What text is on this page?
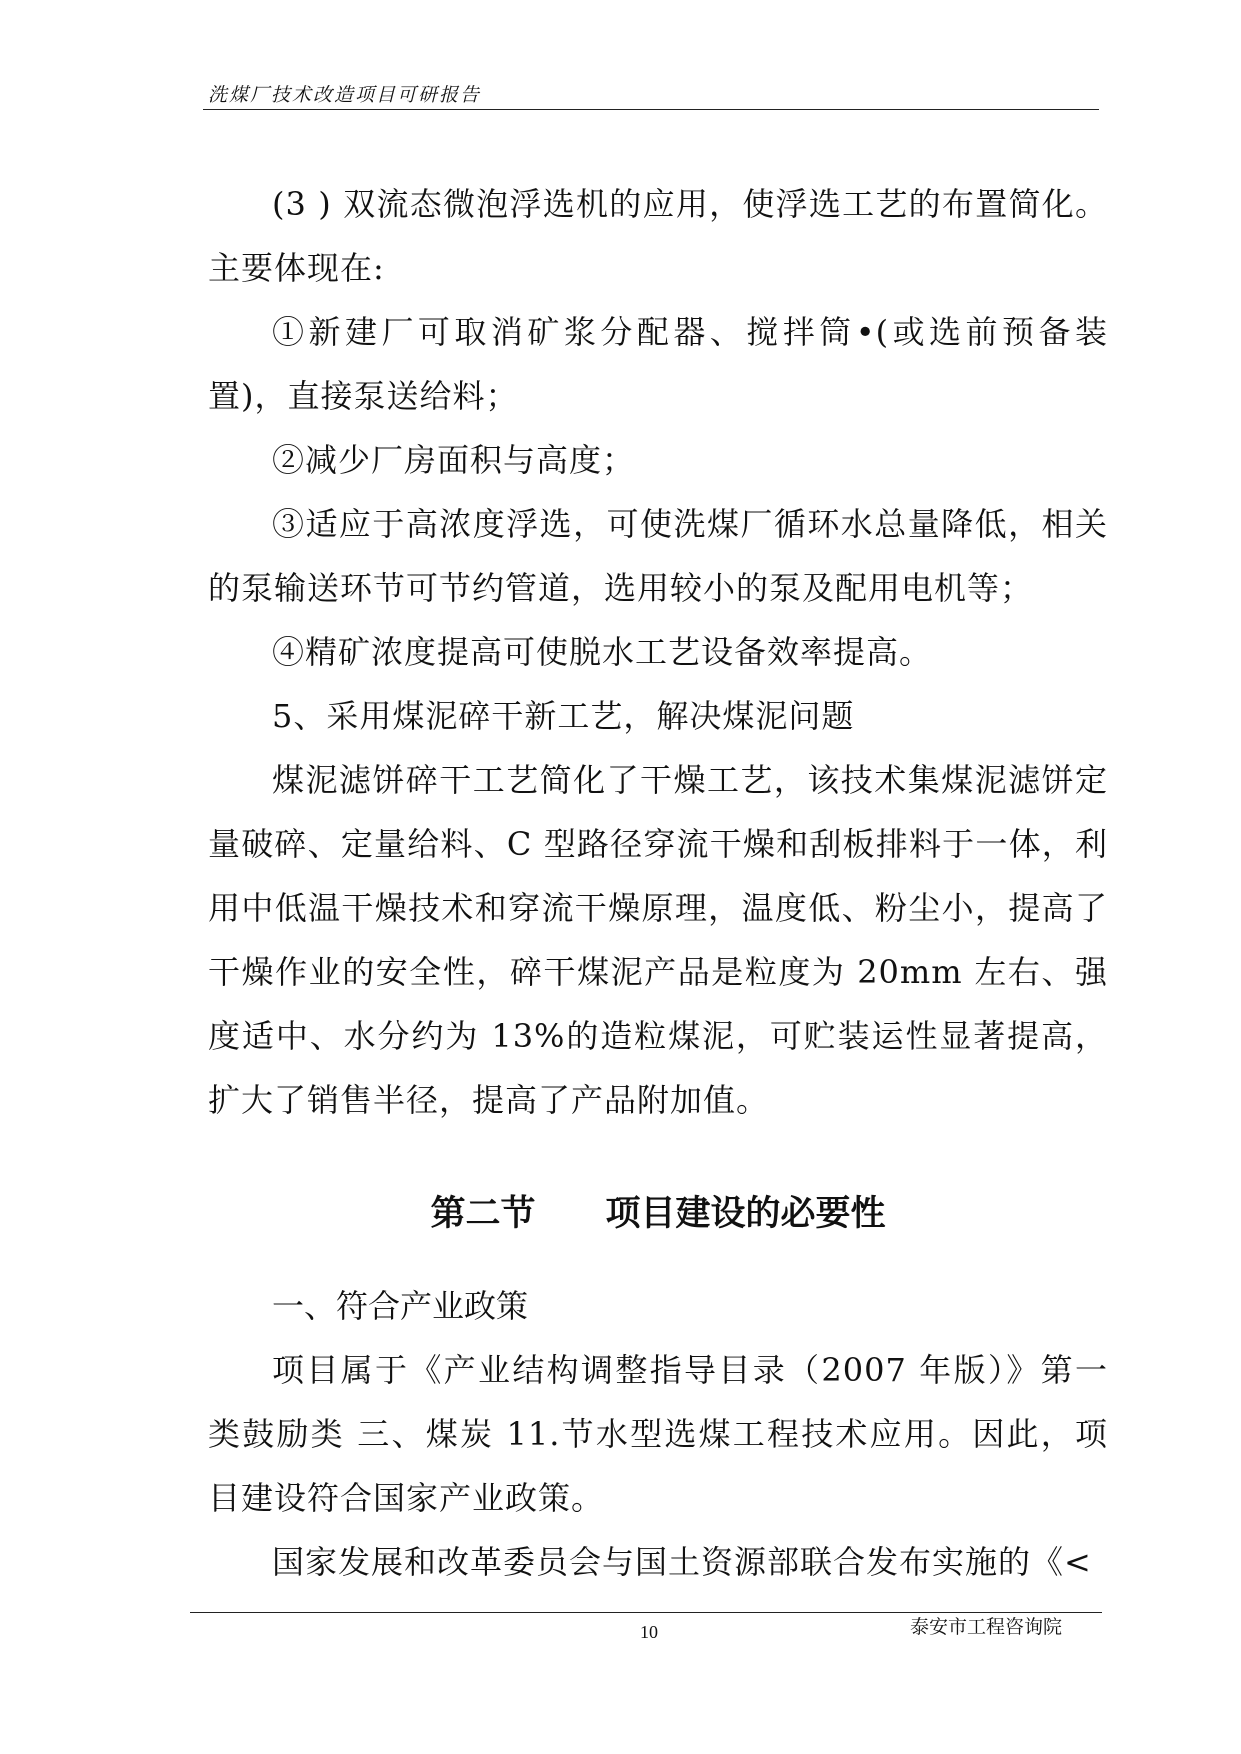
洗煤厂技术改造项目可研报告

(3 ) 双流态微泡浮选机的应用，使浮选工艺的布置简化。主要体现在:

①新建厂可取消矿浆分配器、搅拌筒•(或选前预备装置)，直接泵送给料；

②减少厂房面积与高度；

③适应于高浓度浮选，可使洗煤厂循环水总量降低，相关的泵输送环节可节约管道，选用较小的泵及配用电机等；

④精矿浓度提高可使脱水工艺设备效率提高。

5、采用煤泥碎干新工艺，解决煤泥问题

煤泥滤饼碎干工艺简化了干燥工艺，该技术集煤泥滤饼定量破碎、定量给料、C 型路径穿流干燥和刮板排料于一体，利用中低温干燥技术和穿流干燥原理，温度低、粉尘小，提高了干燥作业的安全性，碎干煤泥产品是粒度为 20mm 左右、强度适中、水分约为 13%的造粒煤泥，可贮装运性显著提高，扩大了销售半径，提高了产品附加值。

第二节　　项目建设的必要性

一、符合产业政策

项目属于《产业结构调整指导目录（2007 年版）》第一类鼓励类 三、煤炭 11.节水型选煤工程技术应用。因此，项目建设符合国家产业政策。

国家发展和改革委员会与国土资源部联合发布实施的《<

10	泰安市工程咨询院
